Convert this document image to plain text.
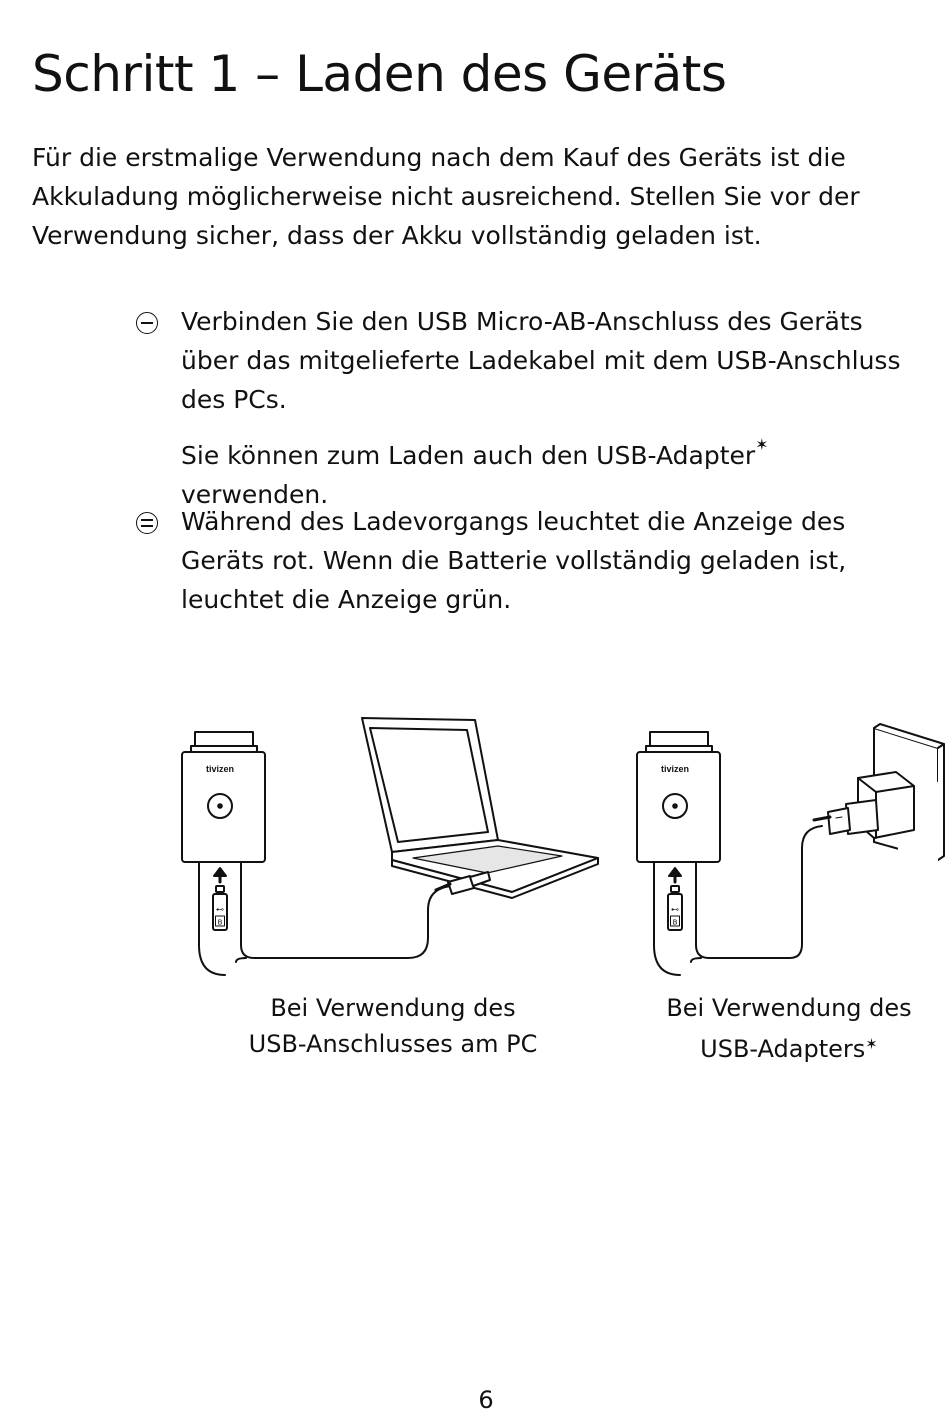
Schritt 1 – Laden des Geräts

Für die erstmalige Verwendung nach dem Kauf des Geräts ist die Akkuladung möglicherweise nicht ausreichend. Stellen Sie vor der Verwendung sicher, dass der Akku vollständig geladen ist.

Verbinden Sie den USB Micro-AB-Anschluss des Geräts über das mitgelieferte Ladekabel mit dem USB-Anschluss des PCs.

Sie können zum Laden auch den USB-Adapter✶
verwenden.

Während des Ladevorgangs leuchtet die Anzeige des Geräts rot. Wenn die Batterie vollständig geladen ist, leuchtet die Anzeige grün.

tivizen
⊷
B
tivizen
⊷
B
Bei Verwendung des
USB-Anschlusses am PC
Bei Verwendung des
USB-Adapters✶
6
